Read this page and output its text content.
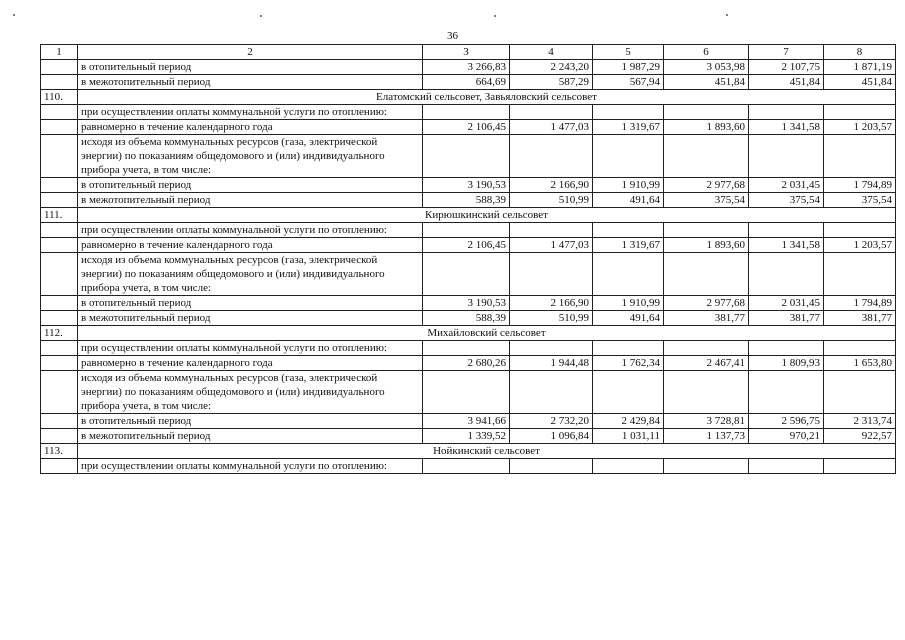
36
1	2	3	4	5	6	7	8
	в отопительный период	3 266,83	2 243,20	1 987,29	3 053,98	2 107,75	1 871,19
	в межотопительный период	664,69	587,29	567,94	451,84	451,84	451,84
110.	Елатомский сельсовет, Завьяловский сельсовет						
	при осуществлении оплаты коммунальной услуги по отоплению:						
	равномерно в течение календарного года	2 106,45	1 477,03	1 319,67	1 893,60	1 341,58	1 203,57
	исходя из объема коммунальных ресурсов (газа, электрической энергии) по показаниям общедомового и (или) индивидуального прибора учета, в том числе:						
	в отопительный период	3 190,53	2 166,90	1 910,99	2 977,68	2 031,45	1 794,89
	в межотопительный период	588,39	510,99	491,64	375,54	375,54	375,54
111.	Кирюшкинский сельсовет						
	при осуществлении оплаты коммунальной услуги по отоплению:						
	равномерно в течение календарного года	2 106,45	1 477,03	1 319,67	1 893,60	1 341,58	1 203,57
	исходя из объема коммунальных ресурсов (газа, электрической энергии) по показаниям общедомового и (или) индивидуального прибора учета, в том числе:						
	в отопительный период	3 190,53	2 166,90	1 910,99	2 977,68	2 031,45	1 794,89
	в межотопительный период	588,39	510,99	491,64	381,77	381,77	381,77
112.	Михайловский сельсовет						
	при осуществлении оплаты коммунальной услуги по отоплению:						
	равномерно в течение календарного года	2 680,26	1 944,48	1 762,34	2 467,41	1 809,93	1 653,80
	исходя из объема коммунальных ресурсов (газа, электрической энергии) по показаниям общедомового и (или) индивидуального прибора учета, в том числе:						
	в отопительный период	3 941,66	2 732,20	2 429,84	3 728,81	2 596,75	2 313,74
	в межотопительный период	1 339,52	1 096,84	1 031,11	1 137,73	970,21	922,57
113.	Нойкинский сельсовет						
	при осуществлении оплаты коммунальной услуги по отоплению:						
